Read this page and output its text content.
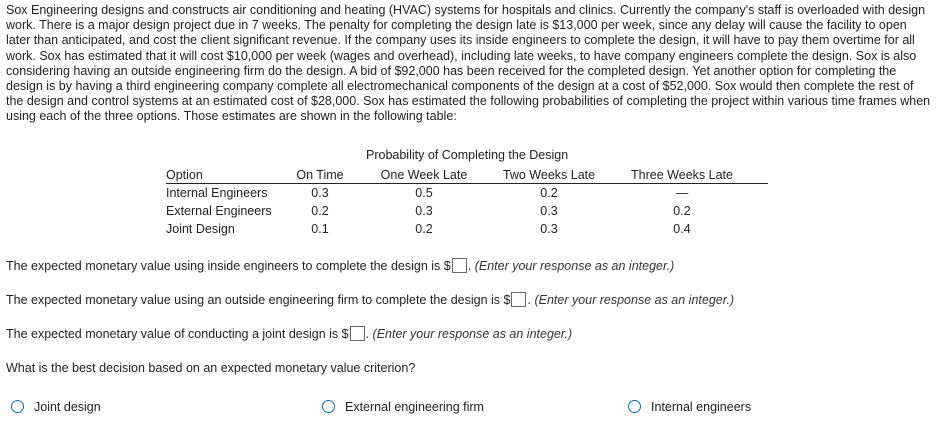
Sox Engineering designs and constructs air conditioning and heating (HVAC) systems for hospitals and clinics. Currently the company's staff is overloaded with design work. There is a major design project due in 7 weeks. The penalty for completing the design late is $13,000 per week, since any delay will cause the facility to open later than anticipated, and cost the client significant revenue. If the company uses its inside engineers to complete the design, it will have to pay them overtime for all work. Sox has estimated that it will cost $10,000 per week (wages and overhead), including late weeks, to have company engineers complete the design. Sox is also considering having an outside engineering firm do the design. A bid of $92,000 has been received for the completed design. Yet another option for completing the design is by having a third engineering company complete all electromechanical components of the design at a cost of $52,000. Sox would then complete the rest of the design and control systems at an estimated cost of $28,000. Sox has estimated the following probabilities of completing the project within various time frames when using each of the three options. Those estimates are shown in the following table:

Probability of Completing the Design
Option	On Time	One Week Late	Two Weeks Late	Three Weeks Late
Internal Engineers	0.3	0.5	0.2	—
External Engineers	0.2	0.3	0.3	0.2
Joint Design	0.1	0.2	0.3	0.4
The expected monetary value using inside engineers to complete the design is $ . (Enter your response as an integer.)
The expected monetary value using an outside engineering firm to complete the design is $ . (Enter your response as an integer.)
The expected monetary value of conducting a joint design is $ . (Enter your response as an integer.)
What is the best decision based on an expected monetary value criterion?
Joint design	External engineering firm	Internal engineers
